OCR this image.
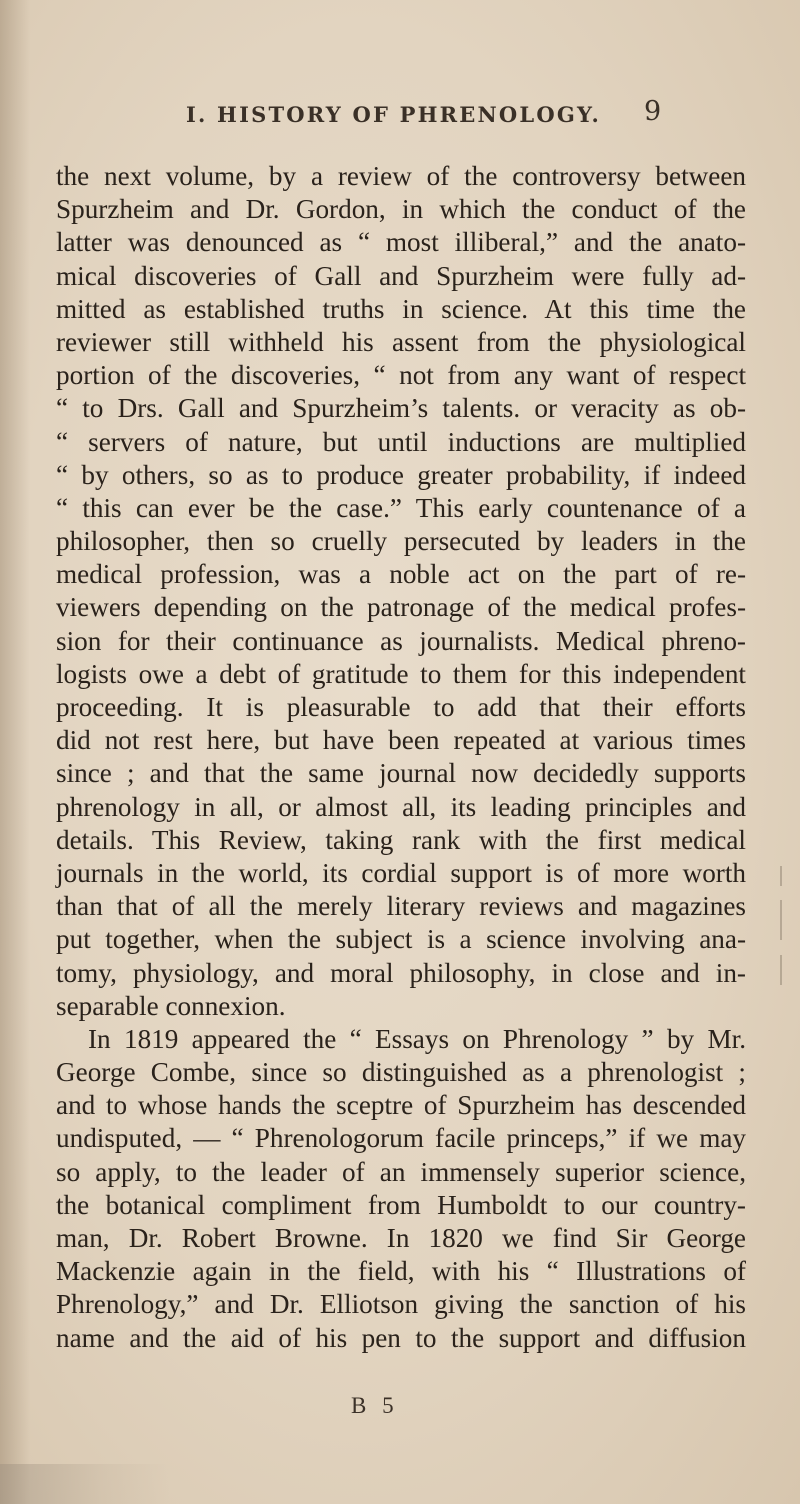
I. HISTORY OF PHRENOLOGY. 9
the next volume, by a review of the controversy between
Spurzheim and Dr. Gordon, in which the conduct of the
latter was denounced as “ most illiberal,” and the anato-
mical discoveries of Gall and Spurzheim were fully ad-
mitted as established truths in science. At this time the
reviewer still withheld his assent from the physiological
portion of the discoveries, “ not from any want of respect
“ to Drs. Gall and Spurzheim’s talents. or veracity as ob-
“ servers of nature, but until inductions are multiplied
“ by others, so as to produce greater probability, if indeed
“ this can ever be the case.” This early countenance of a
philosopher, then so cruelly persecuted by leaders in the
medical profession, was a noble act on the part of re-
viewers depending on the patronage of the medical profes-
sion for their continuance as journalists. Medical phreno-
logists owe a debt of gratitude to them for this independent
proceeding. It is pleasurable to add that their efforts
did not rest here, but have been repeated at various times
since ; and that the same journal now decidedly supports
phrenology in all, or almost all, its leading principles and
details. This Review, taking rank with the first medical
journals in the world, its cordial support is of more worth
than that of all the merely literary reviews and magazines
put together, when the subject is a science involving ana-
tomy, physiology, and moral philosophy, in close and in-
separable connexion.
In 1819 appeared the “ Essays on Phrenology ” by Mr.
George Combe, since so distinguished as a phrenologist ;
and to whose hands the sceptre of Spurzheim has descended
undisputed, — “ Phrenologorum facile princeps,” if we may
so apply, to the leader of an immensely superior science,
the botanical compliment from Humboldt to our country-
man, Dr. Robert Browne. In 1820 we find Sir George
Mackenzie again in the field, with his “ Illustrations of
Phrenology,” and Dr. Elliotson giving the sanction of his
name and the aid of his pen to the support and diffusion
B 5
